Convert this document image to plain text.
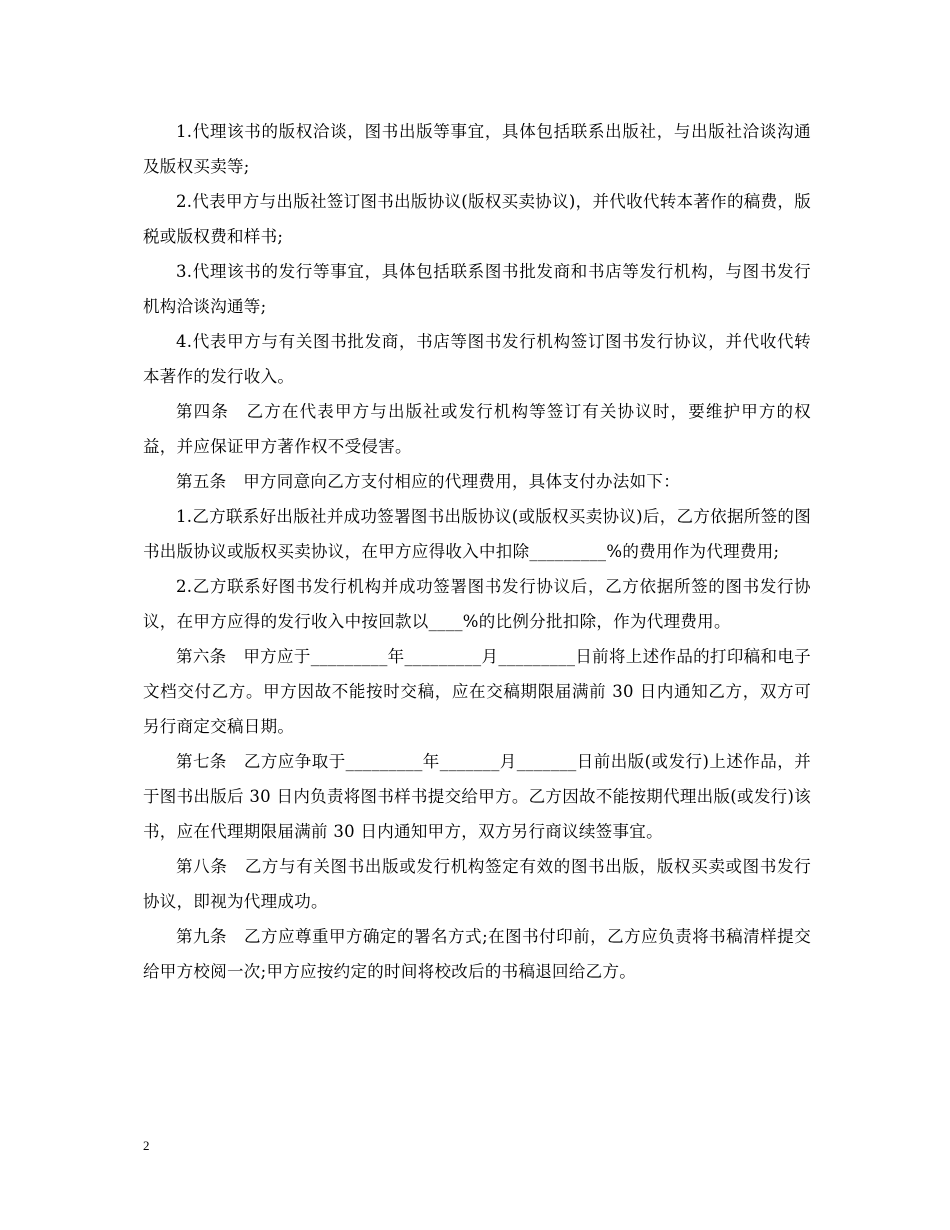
1.代理该书的版权洽谈，图书出版等事宜，具体包括联系出版社，与出版社洽谈沟通及版权买卖等;

2.代表甲方与出版社签订图书出版协议(版权买卖协议)，并代收代转本著作的稿费，版税或版权费和样书;

3.代理该书的发行等事宜，具体包括联系图书批发商和书店等发行机构，与图书发行机构洽谈沟通等;

4.代表甲方与有关图书批发商，书店等图书发行机构签订图书发行协议，并代收代转本著作的发行收入。

第四条　乙方在代表甲方与出版社或发行机构等签订有关协议时，要维护甲方的权益，并应保证甲方著作权不受侵害。

第五条　甲方同意向乙方支付相应的代理费用，具体支付办法如下：

1.乙方联系好出版社并成功签署图书出版协议(或版权买卖协议)后，乙方依据所签的图书出版协议或版权买卖协议，在甲方应得收入中扣除_________%的费用作为代理费用;

2.乙方联系好图书发行机构并成功签署图书发行协议后，乙方依据所签的图书发行协议，在甲方应得的发行收入中按回款以____%的比例分批扣除，作为代理费用。

第六条　甲方应于_________年_________月_________日前将上述作品的打印稿和电子文档交付乙方。甲方因故不能按时交稿，应在交稿期限届满前 30 日内通知乙方，双方可另行商定交稿日期。

第七条　乙方应争取于_________年_______月_______日前出版(或发行)上述作品，并于图书出版后 30 日内负责将图书样书提交给甲方。乙方因故不能按期代理出版(或发行)该书，应在代理期限届满前 30 日内通知甲方，双方另行商议续签事宜。

第八条　乙方与有关图书出版或发行机构签定有效的图书出版，版权买卖或图书发行协议，即视为代理成功。

第九条　乙方应尊重甲方确定的署名方式;在图书付印前，乙方应负责将书稿清样提交给甲方校阅一次;甲方应按约定的时间将校改后的书稿退回给乙方。

2
